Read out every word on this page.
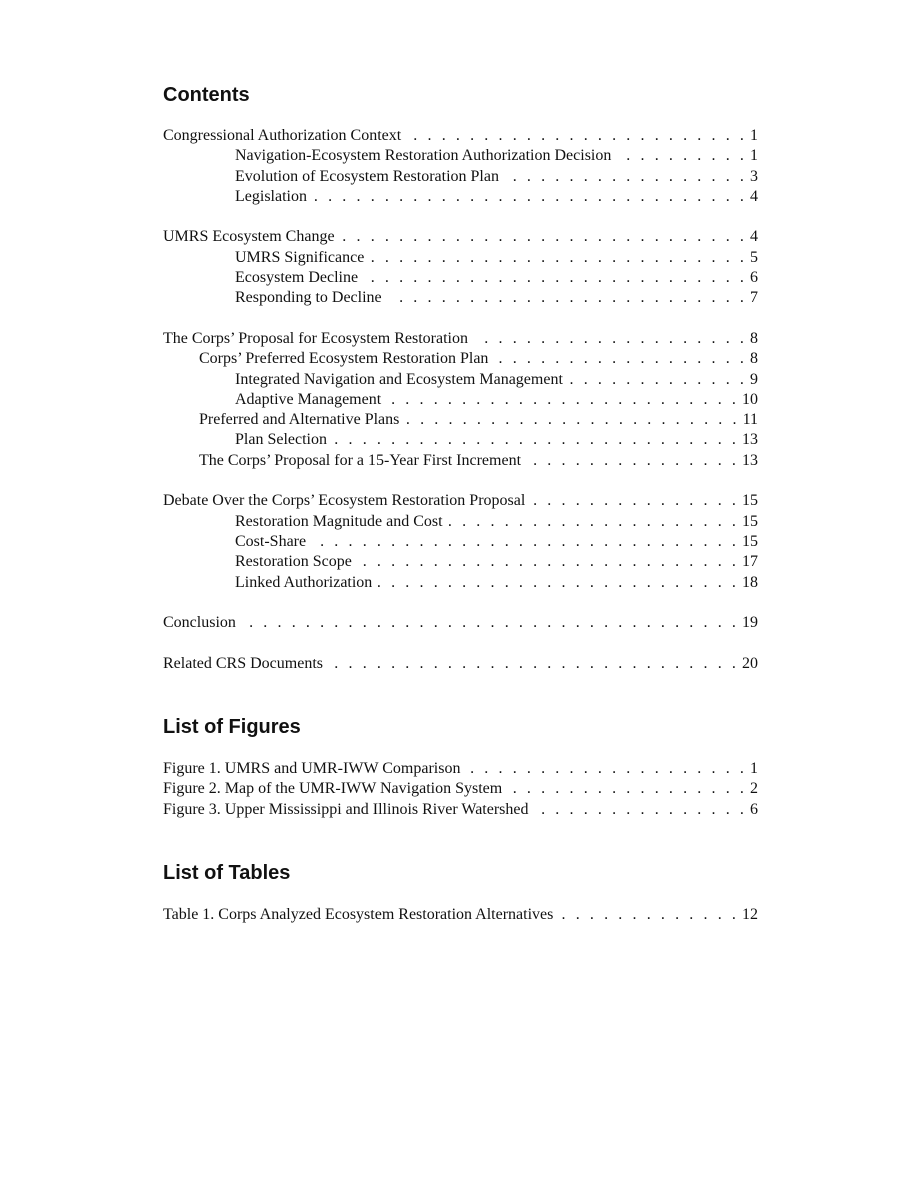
Contents
Congressional Authorization Context . . .	1
Navigation-Ecosystem Restoration Authorization Decision . . .	1
Evolution of Ecosystem Restoration Plan . . .	3
Legislation . . .	4
UMRS Ecosystem Change . . .	4
UMRS Significance . . .	5
Ecosystem Decline . . .	6
Responding to Decline . . .	7
The Corps’ Proposal for Ecosystem Restoration . . .	8
Corps’ Preferred Ecosystem Restoration Plan . . .	8
Integrated Navigation and Ecosystem Management . . .	9
Adaptive Management . . .	10
Preferred and Alternative Plans . . .	11
Plan Selection . . .	13
The Corps’ Proposal for a 15-Year First Increment . . .	13
Debate Over the Corps’ Ecosystem Restoration Proposal . . .	15
Restoration Magnitude and Cost . . .	15
Cost-Share . . .	15
Restoration Scope . . .	17
Linked Authorization . . .	18
Conclusion . . .	19
Related CRS Documents . . .	20
List of Figures
Figure 1. UMRS and UMR-IWW Comparison . . .	1
Figure 2. Map of the UMR-IWW Navigation System . . .	2
Figure 3. Upper Mississippi and Illinois River Watershed . . .	6
List of Tables
Table 1. Corps Analyzed Ecosystem Restoration Alternatives . . .	12
